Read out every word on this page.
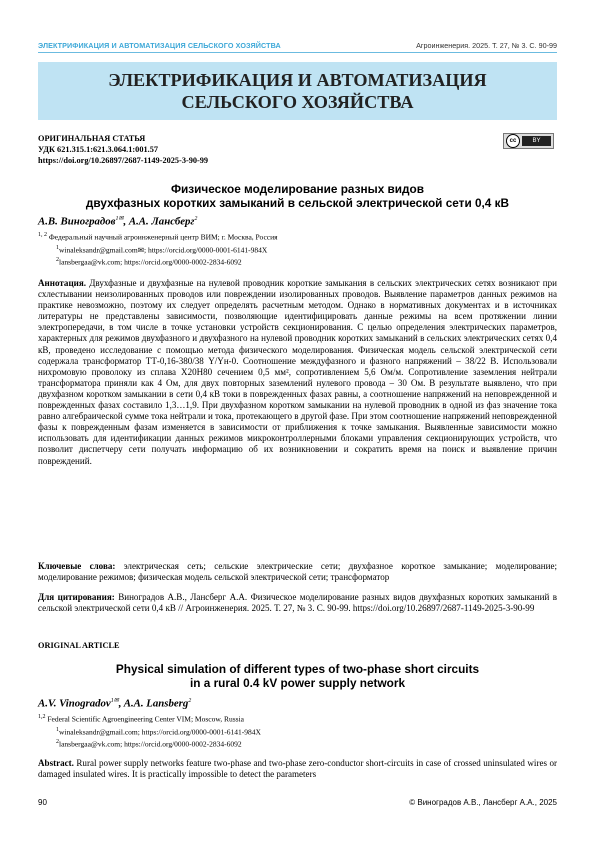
ЭЛЕКТРИФИКАЦИЯ И АВТОМАТИЗАЦИЯ СЕЛЬСКОГО ХОЗЯЙСТВА	Агроинженерия. 2025. Т. 27, № 3. С. 90-99
ЭЛЕКТРИФИКАЦИЯ И АВТОМАТИЗАЦИЯ
СЕЛЬСКОГО ХОЗЯЙСТВА
ОРИГИНАЛЬНАЯ СТАТЬЯ
УДК 621.315.1:621.3.064.1:001.57
https://doi.org/10.26897/2687-1149-2025-3-90-99
cc	BY
Физическое моделирование разных видов
двухфазных коротких замыканий в сельской электрической сети 0,4 кВ
А.В. Виноградов$^{1✉}$, А.А. Лансберг$^2$
$^{1, 2}$ Федеральный научный агроинженерный центр ВИМ; г. Москва, Россия
$^1$winaleksandr@gmail.com✉; https://orcid.org/0000-0001-6141-984X
$^2$lansbergaa@vk.com; https://orcid.org/0000-0002-2834-6092
Аннотация. Двухфазные и двухфазные на нулевой проводник короткие замыкания в сельских электрических сетях возникают при схлестывании неизолированных проводов или повреждении изолированных проводов. Выявление параметров данных режимов на практике невозможно, поэтому их следует определять расчетным методом. Однако в нормативных документах и в источниках литературы не представлены зависимости, позволяющие идентифицировать данные режимы на всем протяжении линии электропередачи, в том числе в точке установки устройств секционирования. С целью определения электрических параметров, характерных для режимов двухфазного и двухфазного на нулевой проводник коротких замыканий в сельских электрических сетях 0,4 кВ, проведено исследование с помощью метода физического моделирования. Физическая модель сельской электрической сети содержала трансформатор ТТ-0,16-380/38 Y/Yн-0. Соотношение междуфазного и фазного напряжений – 38/22 В. Использовали нихромовую проволоку из сплава Х20Н80 сечением 0,5 мм², сопротивлением 5,6 Ом/м. Сопротивление заземления нейтрали трансформатора приняли как 4 Ом, для двух повторных заземлений нулевого провода – 30 Ом. В результате выявлено, что при двухфазном коротком замыкании в сети 0,4 кВ токи в поврежденных фазах равны, а соотношение напряжений на неповрежденной и поврежденных фазах составило 1,3…1,9. При двухфазном коротком замыкании на нулевой проводник в одной из фаз значение тока равно алгебраической сумме тока нейтрали и тока, протекающего в другой фазе. При этом соотношение напряжений неповрежденной фазы к поврежденным фазам изменяется в зависимости от приближения к точке замыкания. Выявленные зависимости можно использовать для идентификации данных режимов микроконтроллерными блоками управления секционирующих устройств, что позволит диспетчеру сети получать информацию об их возникновении и сократить время на поиск и выявление причин повреждений.
Ключевые слова: электрическая сеть; сельские электрические сети; двухфазное короткое замыкание; моделирование; моделирование режимов; физическая модель сельской электрической сети; трансформатор
Для цитирования: Виноградов А.В., Лансберг А.А. Физическое моделирование разных видов двухфазных коротких замыканий в сельской электрической сети 0,4 кВ // Агроинженерия. 2025. Т. 27, № 3. С. 90-99. https://doi.org/10.26897/2687-1149-2025-3-90-99
ORIGINAL ARTICLE
Physical simulation of different types of two-phase short circuits
in a rural 0.4 kV power supply network
A.V. Vinogradov$^{1✉}$, A.A. Lansberg$^2$
$^{1,2}$ Federal Scientific Agroengineering Center VIM; Moscow, Russia
$^1$winaleksandr@gmail.com; https://orcid.org/0000-0001-6141-984X
$^2$lansbergaa@vk.com; https://orcid.org/0000-0002-2834-6092
Abstract. Rural power supply networks feature two-phase and two-phase zero-conductor short-circuits in case of crossed uninsulated wires or damaged insulated wires. It is practically impossible to detect the parameters
90	© Виноградов А.В., Лансберг А.А., 2025
